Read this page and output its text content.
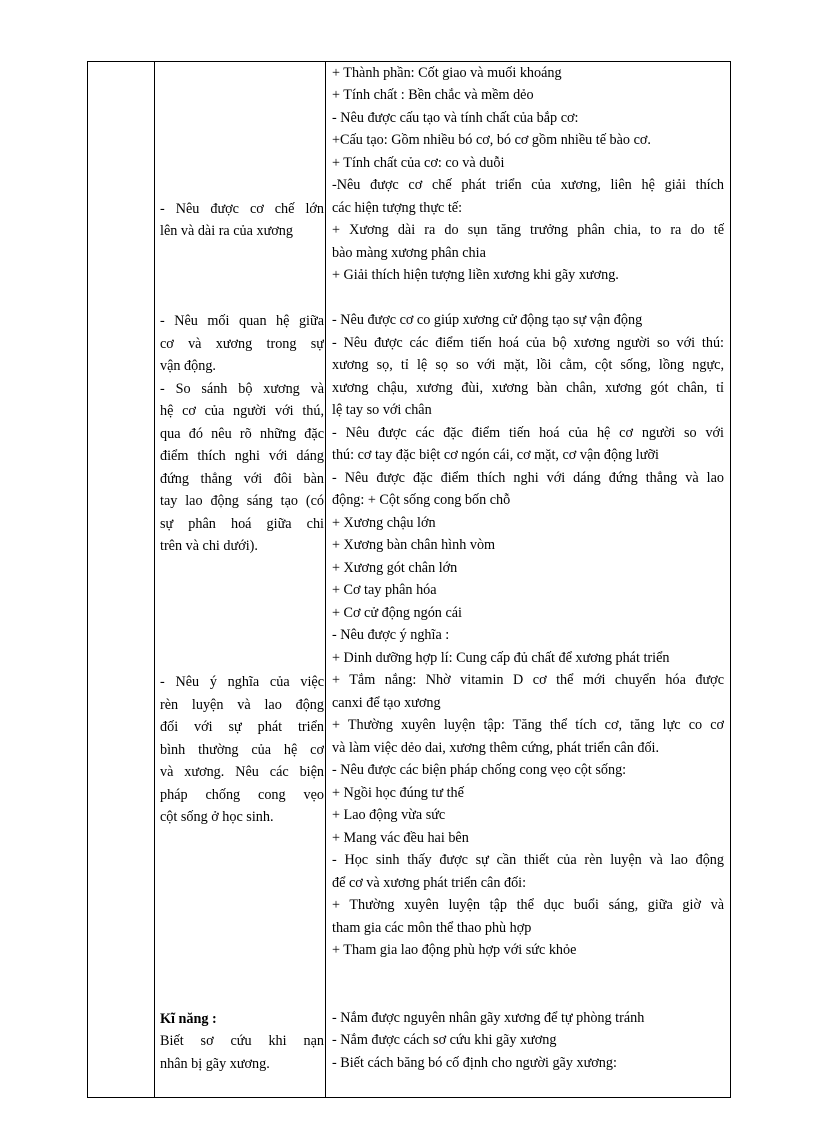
- Nêu được cơ chế lớn
lên và dài ra của xương
- Nêu mối quan hệ giữa
cơ và xương trong sự
vận động.
- So sánh bộ xương và
hệ cơ của người với thú,
qua đó nêu rõ những đặc
điểm thích nghi với dáng
đứng thẳng với đôi bàn
tay lao động sáng tạo (có
sự phân hoá giữa chi
trên và chi dưới).
- Nêu ý nghĩa của việc
rèn luyện và lao động
đối với sự phát triển
bình thường của hệ cơ
và xương. Nêu các biện
pháp chống cong vẹo
cột sống ở học sinh.
Kĩ năng :
Biết sơ cứu khi nạn
nhân bị gãy xương.
+ Thành phần: Cốt giao và muối khoáng
+ Tính chất : Bền chắc và mềm dẻo
- Nêu được cấu tạo và tính chất của bắp cơ:
+Cấu tạo: Gồm nhiều bó cơ, bó cơ gồm nhiều tế bào cơ.
+ Tính chất của cơ: co và duỗi
-Nêu được cơ chế phát triển của xương, liên hệ giải thích
các hiện tượng thực tế:
+ Xương dài ra do sụn tăng trưởng phân chia, to ra do tế
bào màng xương phân chia
+ Giải thích hiện tượng liền xương khi gãy xương.
- Nêu được cơ co giúp xương cử động tạo sự vận động
- Nêu được các điểm tiến hoá của bộ xương người so với thú:
xương sọ, tỉ lệ sọ so với mặt, lồi cằm, cột sống, lồng ngực,
xương chậu, xương đùi, xương bàn chân, xương gót chân, tỉ
lệ tay so với chân
- Nêu được các đặc điểm tiến hoá của hệ cơ người so với
thú: cơ tay đặc biệt cơ ngón cái, cơ mặt, cơ vận động lưỡi
- Nêu được đặc điểm thích nghi với dáng đứng thẳng và lao
động: + Cột sống cong bốn chỗ
+ Xương chậu lớn
+ Xương bàn chân hình vòm
+ Xương gót chân lớn
+ Cơ tay phân hóa
+ Cơ cử động ngón cái
- Nêu được ý nghĩa :
+ Dinh dưỡng hợp lí: Cung cấp đủ chất để xương phát triển
+ Tắm nắng: Nhờ vitamin D cơ thể mới chuyển hóa được
canxi để tạo xương
+ Thường xuyên luyện tập: Tăng thể tích cơ, tăng lực co cơ
và làm việc dẻo dai, xương thêm cứng, phát triển cân đối.
- Nêu được các biện pháp chống cong vẹo cột sống:
+ Ngồi học đúng tư thế
+ Lao động vừa sức
+ Mang vác đều hai bên
- Học sinh thấy được sự cần thiết của rèn luyện và lao động
để cơ và xương phát triển cân đối:
+ Thường xuyên luyện tập thể dục buổi sáng, giữa giờ và
tham gia các môn thể thao phù hợp
+ Tham gia lao động phù hợp với sức khỏe
- Nắm được nguyên nhân gãy xương để tự phòng tránh
- Nắm được cách sơ cứu khi gãy xương
- Biết cách băng bó cố định cho người gãy xương:
